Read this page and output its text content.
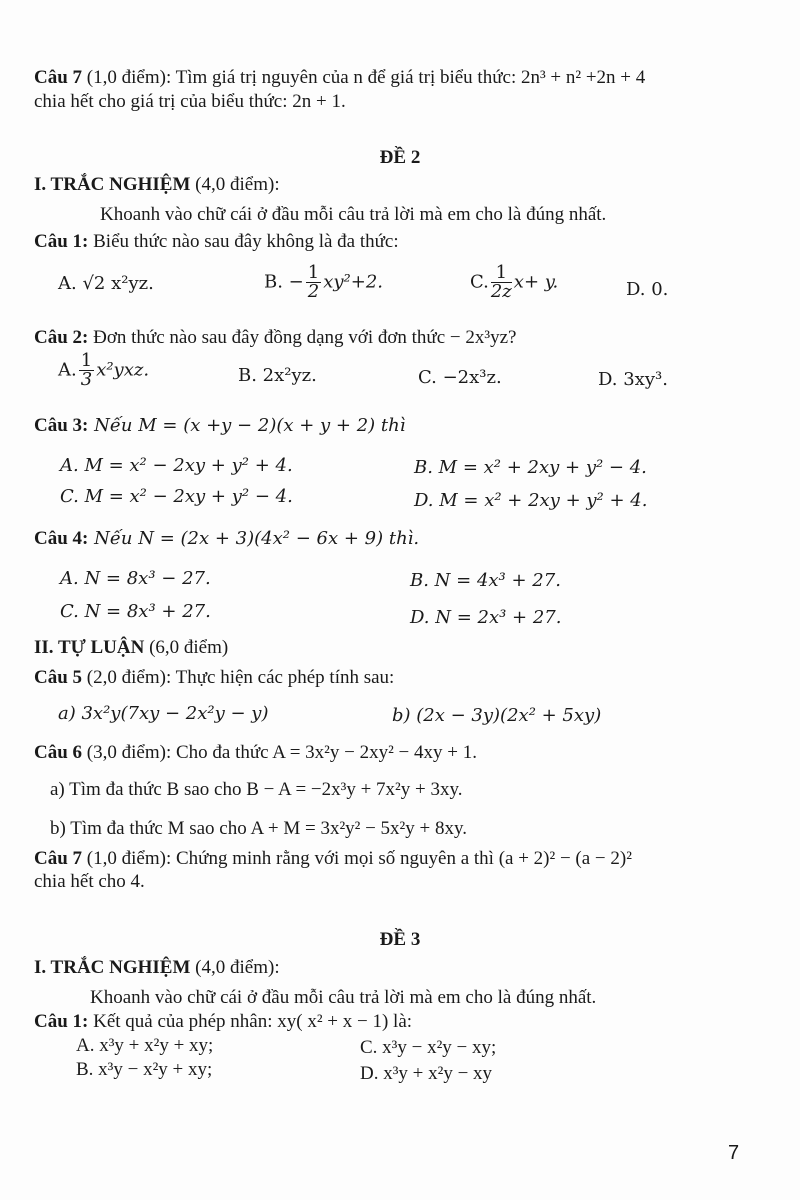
Câu 7 (1,0 điểm): Tìm giá trị nguyên của n để giá trị biểu thức: 2n³ + n² +2n + 4
chia hết cho giá trị của biểu thức: 2n + 1.
ĐỀ 2
I. TRẮC NGHIỆM (4,0 điểm):
Khoanh vào chữ cái ở đầu mỗi câu trả lời mà em cho là đúng nhất.
Câu 1: Biểu thức nào sau đây không là đa thức:
A. √2 x²yz.	B. − $\frac{1}{2} xy^2+2$.	C. $\frac{1}{2z} x+ y$.	D. 0.
Câu 2: Đơn thức nào sau đây đồng dạng với đơn thức − 2x³yz?
A. $\frac{1}{3} x^2yxz$.	B. 2x²yz.	C. −2x³z.	D. 3xy³.
Câu 3: Nếu M = (x +y − 2)(x + y + 2) thì
A. M = x² − 2xy + y² + 4.	B. M = x² + 2xy + y² − 4.
C. M = x² − 2xy + y² − 4.	D. M = x² + 2xy + y² + 4.
Câu 4: Nếu N = (2x + 3)(4x² − 6x + 9) thì.
A. N = 8x³ − 27.	B. N = 4x³ + 27.
C. N = 8x³ + 27.	D. N = 2x³ + 27.
II. TỰ LUẬN (6,0 điểm)
Câu 5 (2,0 điểm): Thực hiện các phép tính sau:
a) 3x²y(7xy − 2x²y − y)	b) (2x − 3y)(2x² + 5xy)
Câu 6 (3,0 điểm): Cho đa thức A = 3x²y − 2xy² − 4xy + 1.
a) Tìm đa thức B sao cho B − A = −2x³y + 7x²y + 3xy.
b) Tìm đa thức M sao cho A + M = 3x²y² − 5x²y + 8xy.
Câu 7 (1,0 điểm): Chứng minh rằng với mọi số nguyên a thì (a + 2)² − (a − 2)²
chia hết cho 4.
ĐỀ 3
I. TRẮC NGHIỆM (4,0 điểm):
Khoanh vào chữ cái ở đầu mỗi câu trả lời mà em cho là đúng nhất.
Câu 1: Kết quả của phép nhân: xy( x² + x − 1) là:
A. x³y + x²y + xy;	C. x³y − x²y − xy;
B. x³y − x²y + xy;	D. x³y + x²y − xy
7
